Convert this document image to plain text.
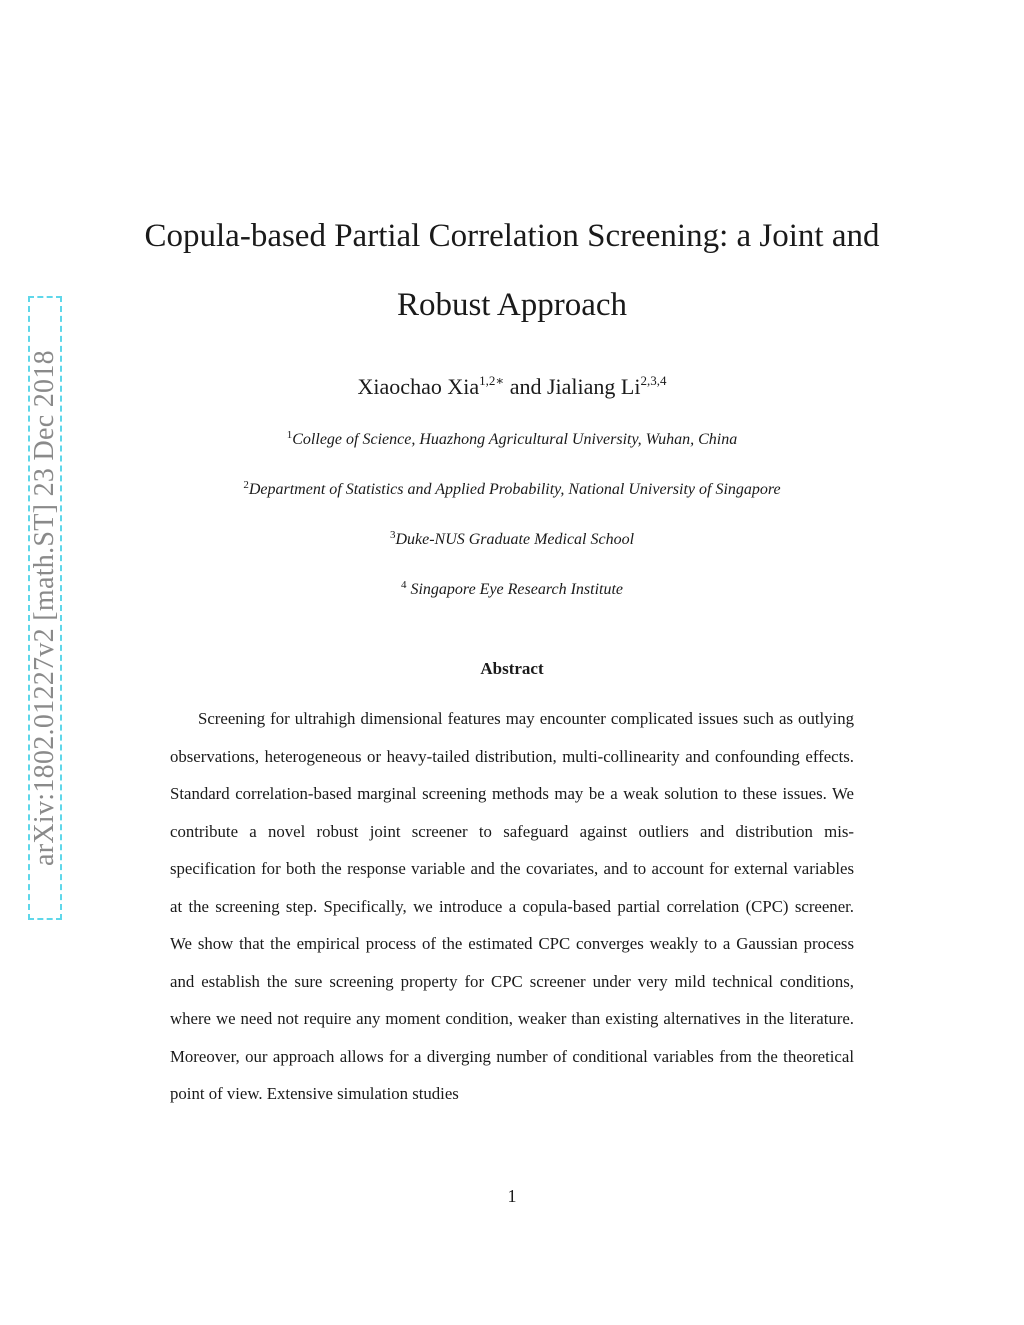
arXiv:1802.01227v2 [math.ST] 23 Dec 2018
Copula-based Partial Correlation Screening: a Joint and
Robust Approach
Xiaochao Xia$^{1,2∗}$ and Jialiang Li$^{2,3,4}$
$^1$College of Science, Huazhong Agricultural University, Wuhan, China
$^2$Department of Statistics and Applied Probability, National University of Singapore
$^3$Duke-NUS Graduate Medical School
$^4$ Singapore Eye Research Institute
Abstract

Screening for ultrahigh dimensional features may encounter complicated issues such as outlying observations, heterogeneous or heavy-tailed distribution, multi-collinearity and confounding effects. Standard correlation-based marginal screening methods may be a weak solution to these issues. We contribute a novel robust joint screener to safeguard against outliers and distribution mis-specification for both the response variable and the covariates, and to account for external variables at the screening step. Specifically, we introduce a copula-based partial correlation (CPC) screener. We show that the empirical process of the estimated CPC converges weakly to a Gaussian process and establish the sure screening property for CPC screener under very mild technical conditions, where we need not require any moment condition, weaker than existing alternatives in the literature. Moreover, our approach allows for a diverging number of conditional variables from the theoretical point of view. Extensive simulation studies

1
